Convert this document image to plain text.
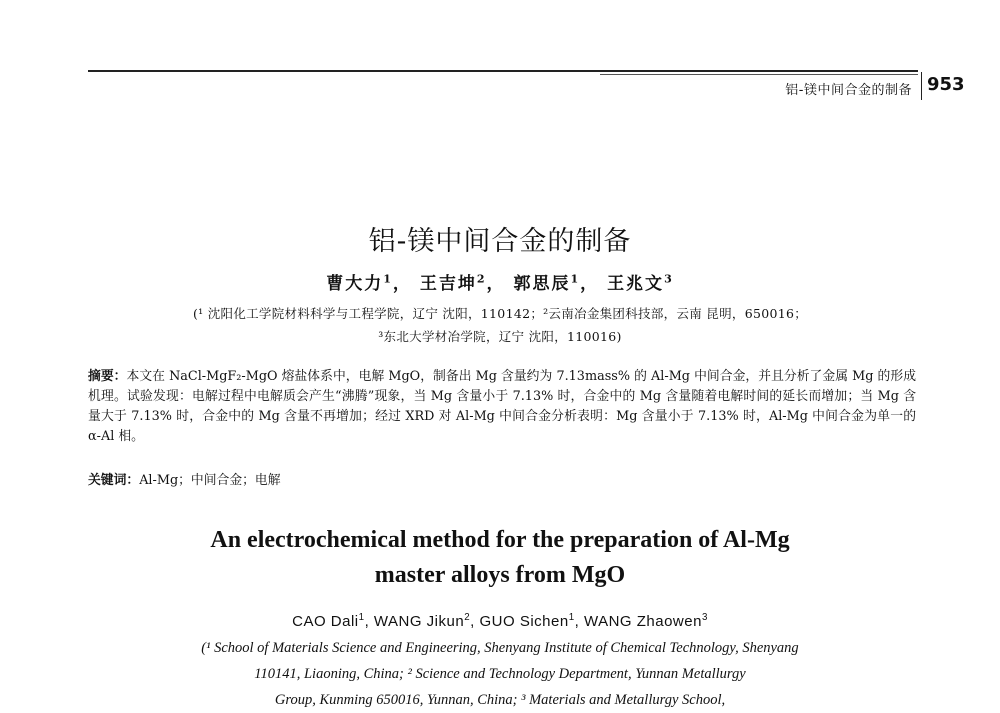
铝-镁中间合金的制备 953
铝-镁中间合金的制备
曹大力$^1$， 王吉坤$^2$， 郭思辰$^1$， 王兆文$^3$
(¹ 沈阳化工学院材料科学与工程学院，辽宁 沈阳，110142；²云南冶金集团科技部，云南 昆明，650016；
³东北大学材冶学院，辽宁 沈阳，110016)
摘要：本文在 NaCl-MgF₂-MgO 熔盐体系中，电解 MgO，制备出 Mg 含量约为 7.13mass% 的 Al-Mg 中间合金，并且分析了金属 Mg 的形成机理。试验发现：电解过程中电解质会产生“沸腾”现象，当 Mg 含量小于 7.13% 时，合金中的 Mg 含量随着电解时间的延长而增加；当 Mg 含量大于 7.13% 时，合金中的 Mg 含量不再增加；经过 XRD 对 Al-Mg 中间合金分析表明：Mg 含量小于 7.13% 时，Al-Mg 中间合金为单一的 α-Al 相。
关键词：Al-Mg；中间合金；电解
An electrochemical method for the preparation of Al-Mg
master alloys from MgO
CAO Dali$^1$, WANG Jikun$^2$, GUO Sichen$^1$, WANG Zhaowen$^3$
(¹ School of Materials Science and Engineering, Shenyang Institute of Chemical Technology, Shenyang
110141, Liaoning, China; ² Science and Technology Department, Yunnan Metallurgy
Group, Kunming 650016, Yunnan, China; ³ Materials and Metallurgy School,
